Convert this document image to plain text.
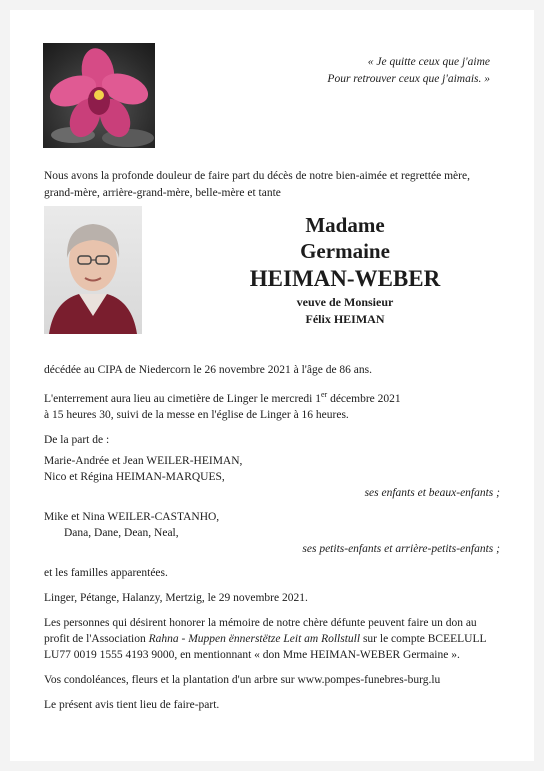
« Je quitte ceux que j'aime
Pour retrouver ceux que j'aimais. »
Nous avons la profonde douleur de faire part du décès de notre bien-aimée et regrettée mère, grand-mère, arrière-grand-mère, belle-mère et tante
Madame
Germaine
HEIMAN-WEBER
veuve de Monsieur
Félix HEIMAN

décédée au CIPA de Niedercorn le 26 novembre 2021 à l'âge de 86 ans.

L'enterrement aura lieu au cimetière de Linger le mercredi 1er décembre 2021
à 15 heures 30, suivi de la messe en l'église de Linger à 16 heures.

De la part de :

Marie-Andrée et Jean WEILER-HEIMAN,
Nico et Régina HEIMAN-MARQUES,
ses enfants et beaux-enfants ;
Mike et Nina WEILER-CASTANHO,
Dana, Dane, Dean, Neal,
ses petits-enfants et arrière-petits-enfants ;

et les familles apparentées.

Linger, Pétange, Halanzy, Mertzig, le 29 novembre 2021.

Les personnes qui désirent honorer la mémoire de notre chère défunte peuvent faire un don au profit de l'Association Rahna - Muppen ënnerstëtze Leit am Rollstull sur le compte BCEELULL LU77 0019 1555 4193 9000, en mentionnant « don Mme HEIMAN-WEBER Germaine ».

Vos condoléances, fleurs et la plantation d'un arbre sur www.pompes-funebres-burg.lu

Le présent avis tient lieu de faire-part.
